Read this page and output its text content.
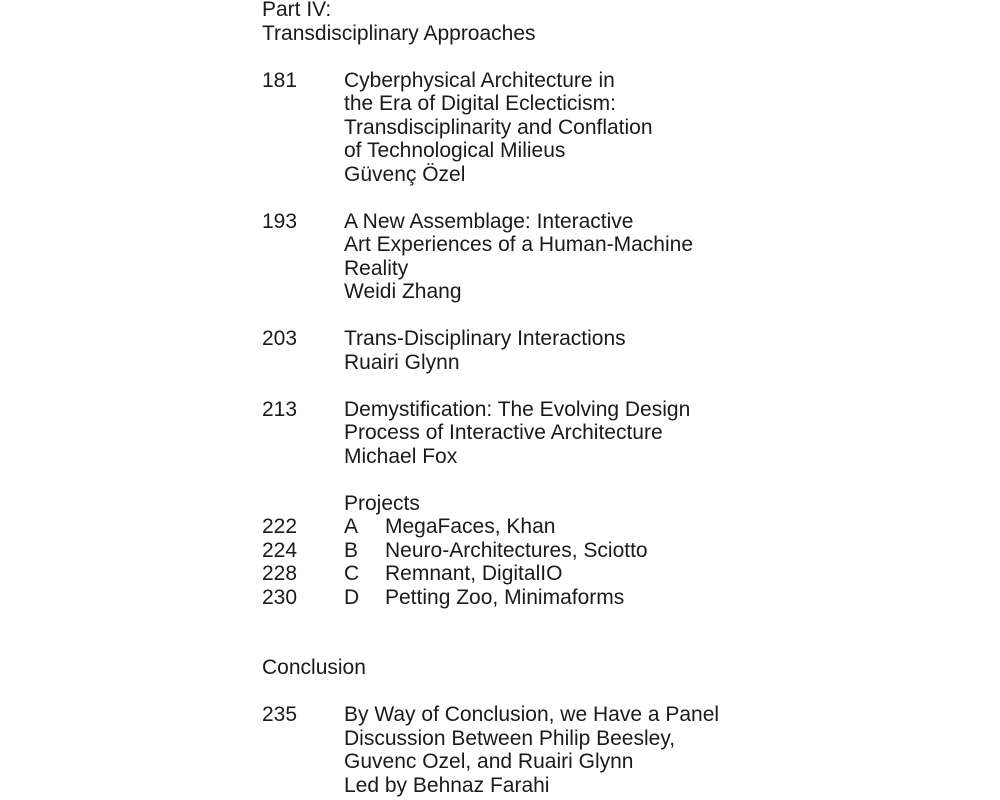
Part IV:
Transdisciplinary Approaches
181	Cyberphysical Architecture in
the Era of Digital Eclecticism:
Transdisciplinarity and Conflation
of Technological Milieus
Güvenç Özel
193	A New Assemblage: Interactive
Art Experiences of a Human-Machine
Reality
Weidi Zhang
203	Trans-Disciplinary Interactions
Ruairi Glynn
213	Demystification: The Evolving Design
Process of Interactive Architecture
Michael Fox
Projects
222	A	MegaFaces, Khan
224	B	Neuro-Architectures, Sciotto
228	C	Remnant, DigitalIO
230	D	Petting Zoo, Minimaforms
Conclusion
235	By Way of Conclusion, we Have a Panel
Discussion Between Philip Beesley,
Guvenc Ozel, and Ruairi Glynn
Led by Behnaz Farahi
